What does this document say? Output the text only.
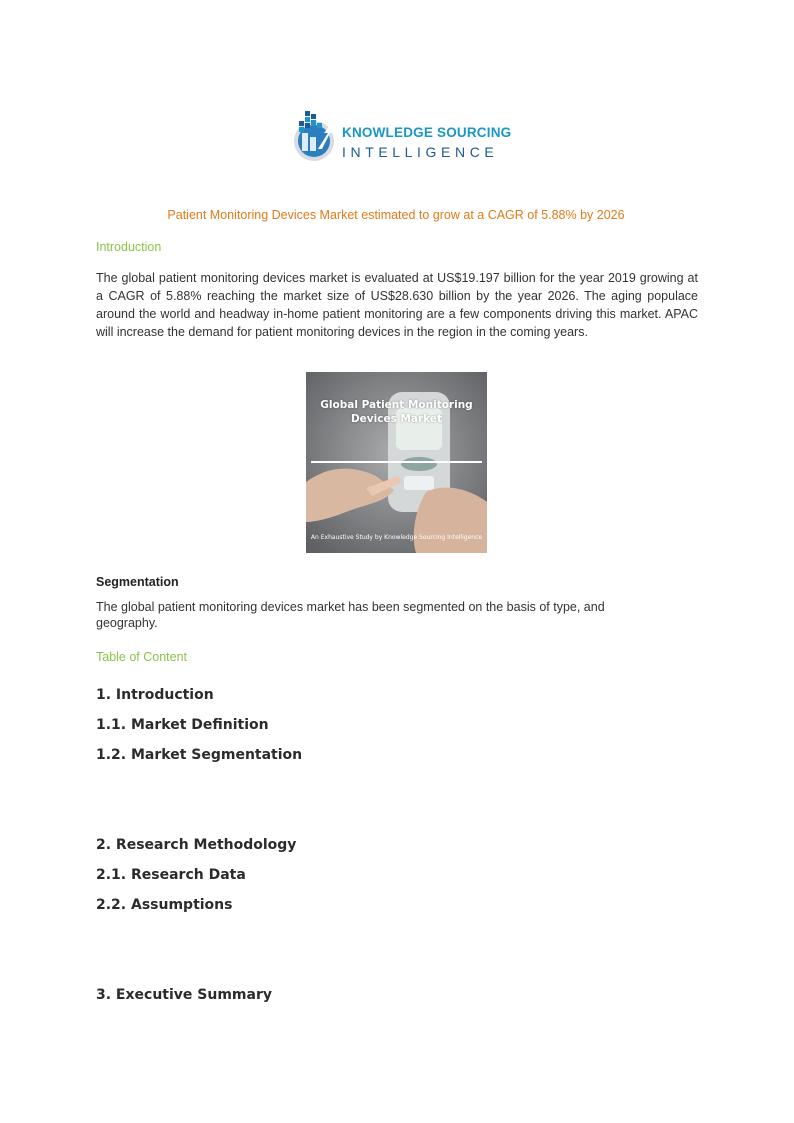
KNOWLEDGE SOURCING
INTELLIGENCE
Patient Monitoring Devices Market estimated to grow at a CAGR of 5.88% by 2026
Introduction
The global patient monitoring devices market is evaluated at US$19.197 billion for the year 2019 growing at a CAGR of 5.88% reaching the market size of US$28.630 billion by the year 2026. The aging populace around the world and headway in-home patient monitoring are a few components driving this market. APAC will increase the demand for patient monitoring devices in the region in the coming years.
Global Patient Monitoring Devices Market
An Exhaustive Study by Knowledge Sourcing Intelligence
Segmentation
The global patient monitoring devices market has been segmented on the basis of type, and geography.
Table of Content
1. Introduction
1.1. Market Definition
1.2. Market Segmentation
2. Research Methodology
2.1. Research Data
2.2. Assumptions
3. Executive Summary
